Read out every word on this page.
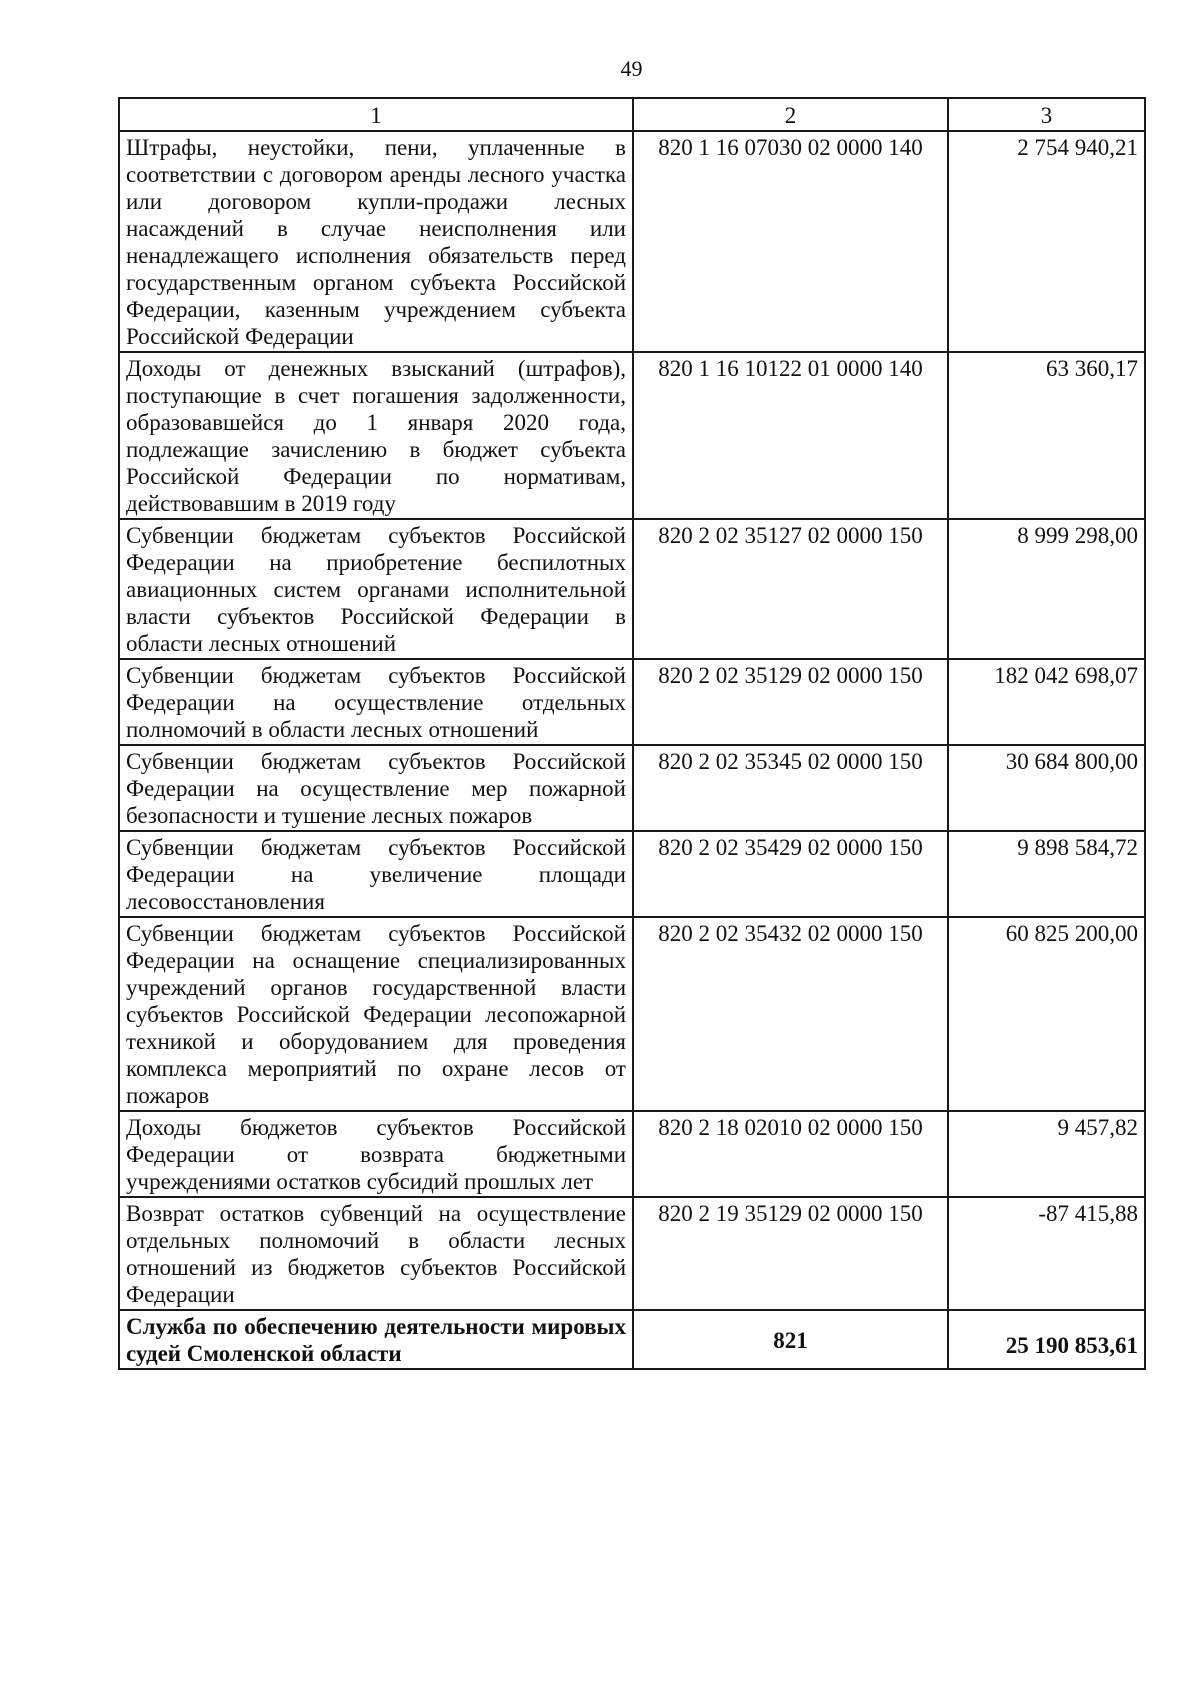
49
1	2	3
Штрафы, неустойки, пени, уплаченные в соответствии с договором аренды лесного участка или договором купли-продажи лесных насаждений в случае неисполнения или ненадлежащего исполнения обязательств перед государственным органом субъекта Российской Федерации, казенным учреждением субъекта Российской Федерации	820 1 16 07030 02 0000 140	2 754 940,21
Доходы от денежных взысканий (штрафов), поступающие в счет погашения задолженности, образовавшейся до 1 января 2020 года, подлежащие зачислению в бюджет субъекта Российской Федерации по нормативам, действовавшим в 2019 году	820 1 16 10122 01 0000 140	63 360,17
Субвенции бюджетам субъектов Российской Федерации на приобретение беспилотных авиационных систем органами исполнительной власти субъектов Российской Федерации в области лесных отношений	820 2 02 35127 02 0000 150	8 999 298,00
Субвенции бюджетам субъектов Российской Федерации на осуществление отдельных полномочий в области лесных отношений	820 2 02 35129 02 0000 150	182 042 698,07
Субвенции бюджетам субъектов Российской Федерации на осуществление мер пожарной безопасности и тушение лесных пожаров	820 2 02 35345 02 0000 150	30 684 800,00
Субвенции бюджетам субъектов Российской Федерации на увеличение площади лесовосстановления	820 2 02 35429 02 0000 150	9 898 584,72
Субвенции бюджетам субъектов Российской Федерации на оснащение специализированных учреждений органов государственной власти субъектов Российской Федерации лесопожарной техникой и оборудованием для проведения комплекса мероприятий по охране лесов от пожаров	820 2 02 35432 02 0000 150	60 825 200,00
Доходы бюджетов субъектов Российской Федерации от возврата бюджетными учреждениями остатков субсидий прошлых лет	820 2 18 02010 02 0000 150	9 457,82
Возврат остатков субвенций на осуществление отдельных полномочий в области лесных отношений из бюджетов субъектов Российской Федерации	820 2 19 35129 02 0000 150	-87 415,88
Служба по обеспечению деятельности мировых судей Смоленской области	821	25 190 853,61
